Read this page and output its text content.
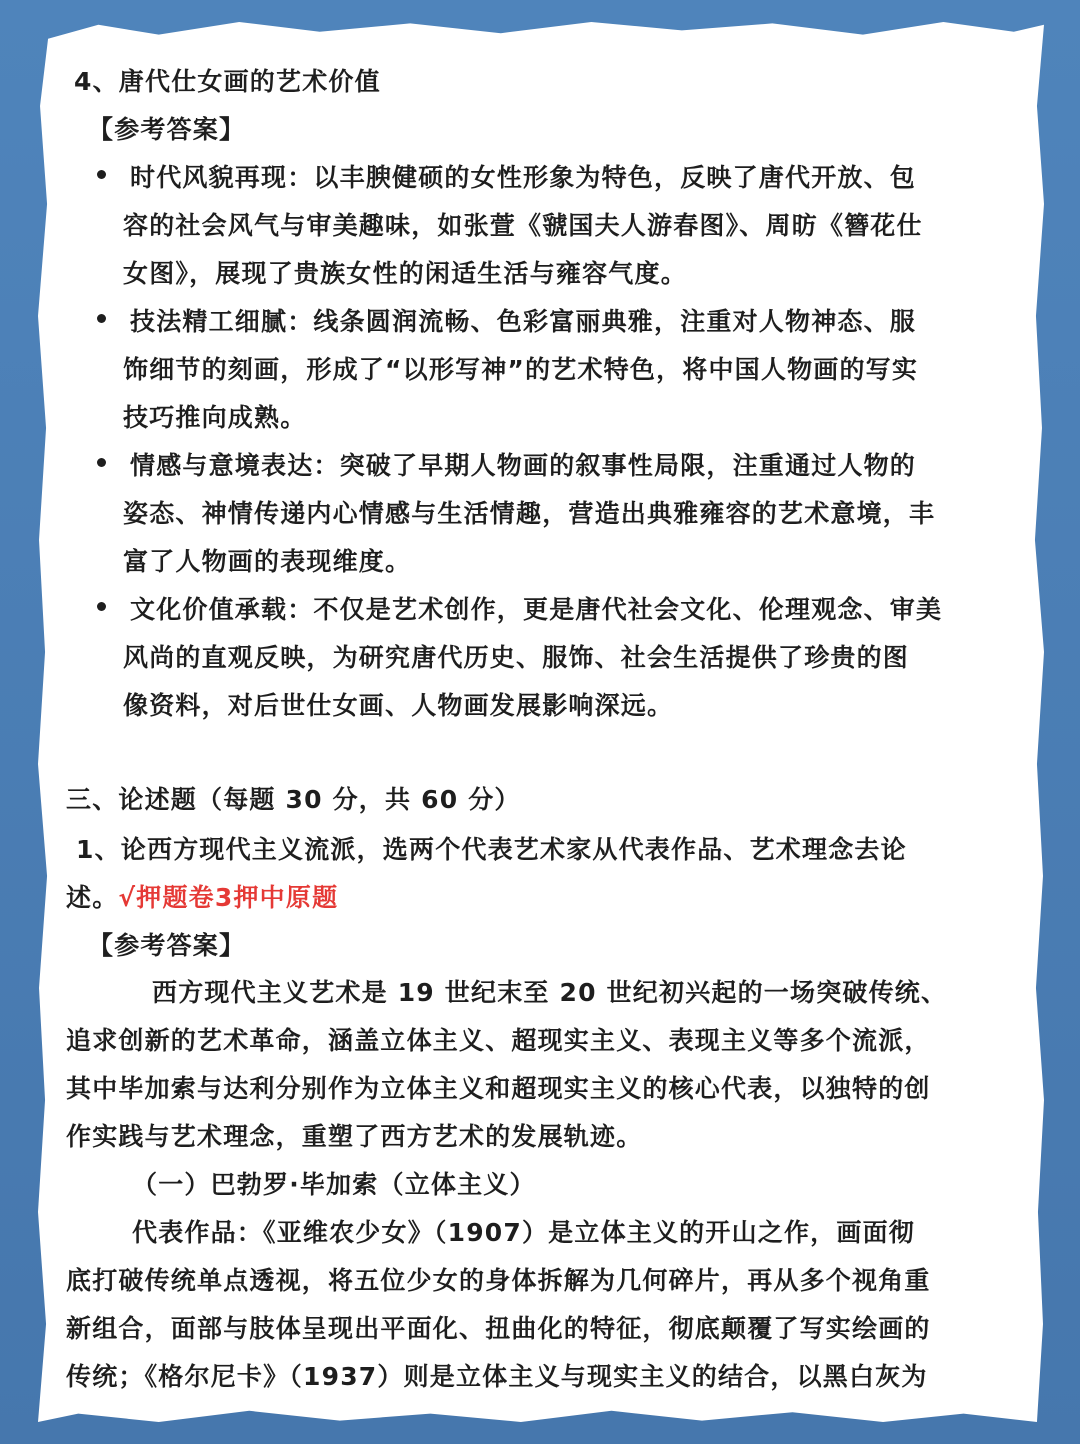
4、唐代仕女画的艺术价值
【参考答案】
时代风貌再现：以丰腴健硕的女性形象为特色，反映了唐代开放、包
容的社会风气与审美趣味，如张萱《虢国夫人游春图》、周昉《簪花仕
女图》，展现了贵族女性的闲适生活与雍容气度。
技法精工细腻：线条圆润流畅、色彩富丽典雅，注重对人物神态、服
饰细节的刻画，形成了“以形写神”的艺术特色，将中国人物画的写实
技巧推向成熟。
情感与意境表达：突破了早期人物画的叙事性局限，注重通过人物的
姿态、神情传递内心情感与生活情趣，营造出典雅雍容的艺术意境，丰
富了人物画的表现维度。
文化价值承载：不仅是艺术创作，更是唐代社会文化、伦理观念、审美
风尚的直观反映，为研究唐代历史、服饰、社会生活提供了珍贵的图
像资料，对后世仕女画、人物画发展影响深远。
三、论述题（每题 30 分，共 60 分）
1、论西方现代主义流派，选两个代表艺术家从代表作品、艺术理念去论
述。√押题卷3押中原题
【参考答案】
西方现代主义艺术是 19 世纪末至 20 世纪初兴起的一场突破传统、
追求创新的艺术革命，涵盖立体主义、超现实主义、表现主义等多个流派，
其中毕加索与达利分别作为立体主义和超现实主义的核心代表，以独特的创
作实践与艺术理念，重塑了西方艺术的发展轨迹。
（一）巴勃罗·毕加索（立体主义）
代表作品：《亚维农少女》（1907）是立体主义的开山之作，画面彻
底打破传统单点透视，将五位少女的身体拆解为几何碎片，再从多个视角重
新组合，面部与肢体呈现出平面化、扭曲化的特征，彻底颠覆了写实绘画的
传统；《格尔尼卡》（1937）则是立体主义与现实主义的结合，以黑白灰为
